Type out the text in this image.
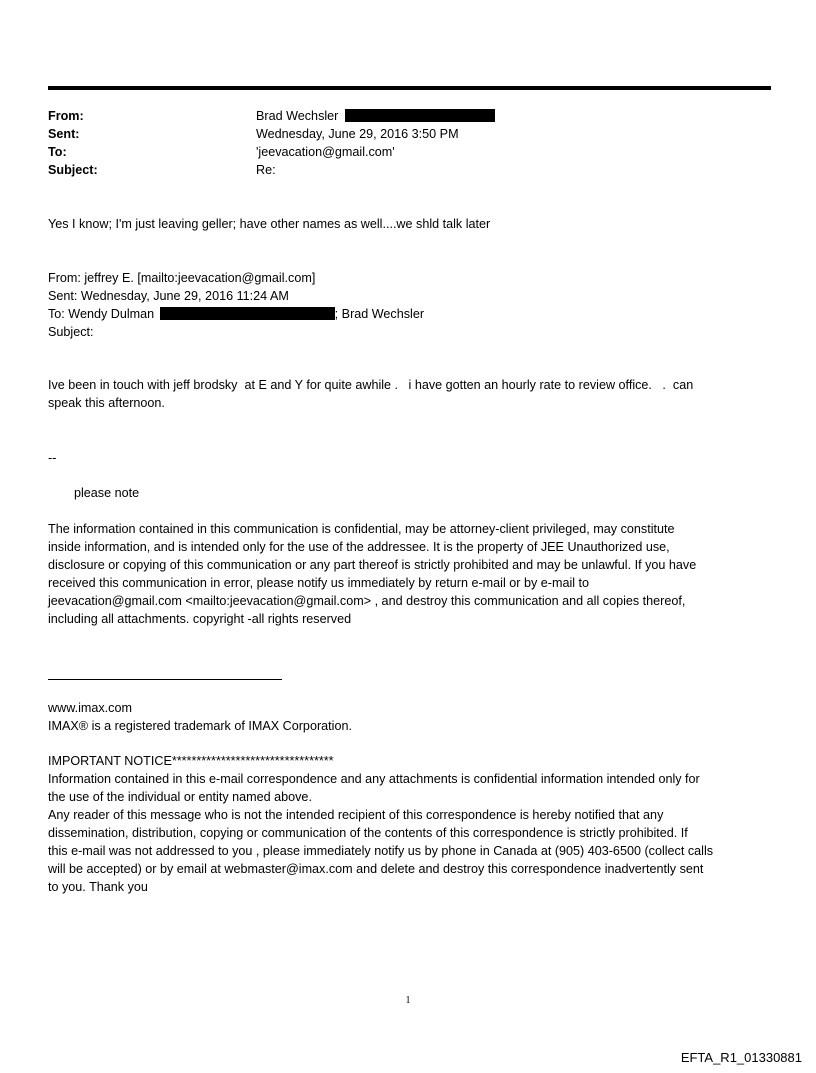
From:	Brad Wechsler
Sent:	Wednesday, June 29, 2016 3:50 PM
To:	'jeevacation@gmail.com'
Subject:	Re:
Yes I know; I'm just leaving geller; have other names as well....we shld talk later
From: jeffrey E. [mailto:jeevacation@gmail.com]
Sent: Wednesday, June 29, 2016 11:24 AM
To: Wendy Dulman	; Brad Wechsler
Subject:
Ive been in touch with jeff brodsky  at E and Y for quite awhile .   i have gotten an hourly rate to review office.   .  can
speak this afternoon.
--
please note
The information contained in this communication is confidential, may be attorney-client privileged, may constitute
inside information, and is intended only for the use of the addressee. It is the property of JEE Unauthorized use,
disclosure or copying of this communication or any part thereof is strictly prohibited and may be unlawful. If you have
received this communication in error, please notify us immediately by return e-mail or by e-mail to
jeevacation@gmail.com <mailto:jeevacation@gmail.com> , and destroy this communication and all copies thereof,
including all attachments. copyright -all rights reserved
www.imax.com
IMAX® is a registered trademark of IMAX Corporation.
IMPORTANT NOTICE*********************************
Information contained in this e-mail correspondence and any attachments is confidential information intended only for
the use of the individual or entity named above.
Any reader of this message who is not the intended recipient of this correspondence is hereby notified that any
dissemination, distribution, copying or communication of the contents of this correspondence is strictly prohibited. If
this e-mail was not addressed to you , please immediately notify us by phone in Canada at (905) 403-6500 (collect calls
will be accepted) or by email at webmaster@imax.com and delete and destroy this correspondence inadvertently sent
to you. Thank you
1
EFTA_R1_01330881
